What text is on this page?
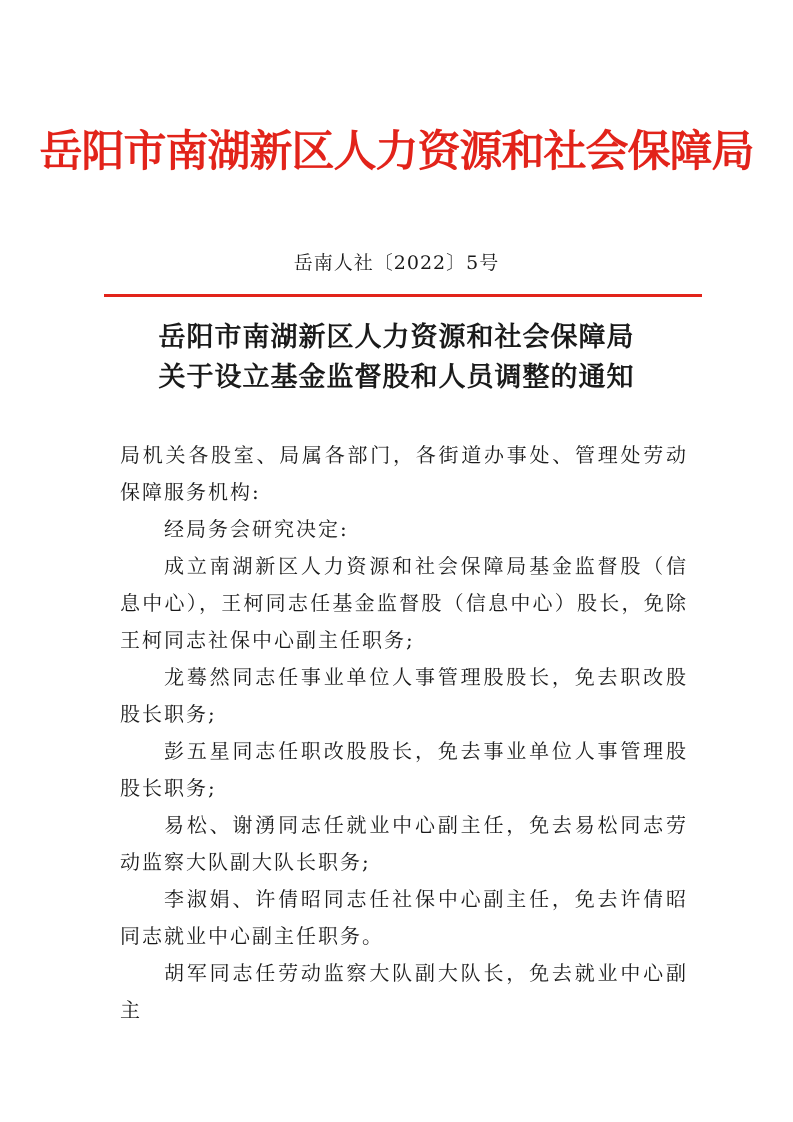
岳阳市南湖新区人力资源和社会保障局
岳南人社〔2022〕5号
岳阳市南湖新区人力资源和社会保障局
关于设立基金监督股和人员调整的通知

局机关各股室、局属各部门，各街道办事处、管理处劳动保障服务机构:

经局务会研究决定:

成立南湖新区人力资源和社会保障局基金监督股（信息中心），王柯同志任基金监督股（信息中心）股长，免除王柯同志社保中心副主任职务;

龙蓦然同志任事业单位人事管理股股长，免去职改股股长职务;

彭五星同志任职改股股长，免去事业单位人事管理股股长职务;

易松、谢湧同志任就业中心副主任，免去易松同志劳动监察大队副大队长职务;

李淑娟、许倩昭同志任社保中心副主任，免去许倩昭同志就业中心副主任职务。

胡军同志任劳动监察大队副大队长，免去就业中心副主
